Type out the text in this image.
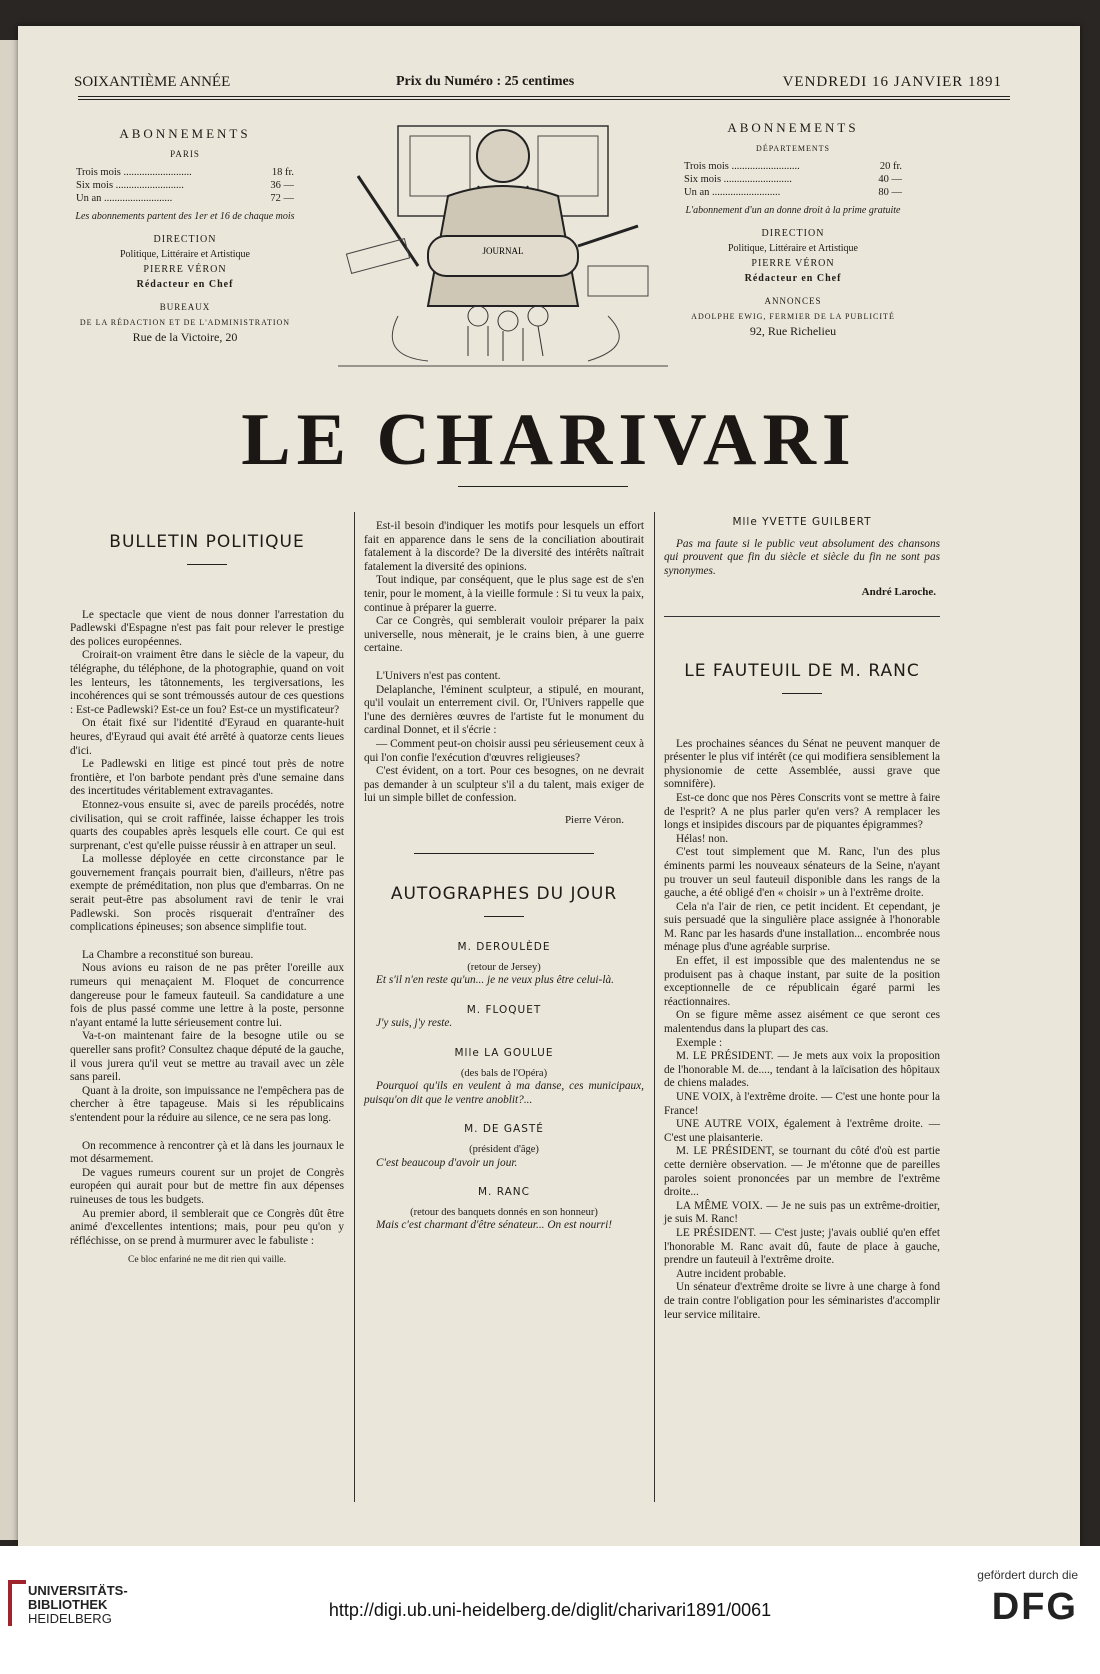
SOIXANTIÈME ANNÉE	Prix du Numéro : 25 centimes	VENDREDI 16 JANVIER 1891
ABONNEMENTS
PARIS
Trois mois ..........................	18 fr.
Six mois ..........................	36 —
Un an ..........................	72 —
Les abonnements partent des 1er et 16 de chaque mois
DIRECTION
Politique, Littéraire et Artistique
PIERRE VÉRON
Rédacteur en Chef
BUREAUX
DE LA RÉDACTION ET DE L'ADMINISTRATION
Rue de la Victoire, 20
JOURNAL
ABONNEMENTS
DÉPARTEMENTS
Trois mois ..........................	20 fr.
Six mois ..........................	40 —
Un an ..........................	80 —
L'abonnement d'un an donne droit à la prime gratuite
DIRECTION
Politique, Littéraire et Artistique
PIERRE VÉRON
Rédacteur en Chef
ANNONCES
ADOLPHE EWIG, FERMIER DE LA PUBLICITÉ
92, Rue Richelieu
LE CHARIVARI
BULLETIN POLITIQUE

Le spectacle que vient de nous donner l'arrestation du Padlewski d'Espagne n'est pas fait pour relever le prestige des polices européennes.

Croirait-on vraiment être dans le siècle de la vapeur, du télégraphe, du téléphone, de la photographie, quand on voit les lenteurs, les tâtonnements, les tergiversations, les incohérences qui se sont trémoussés autour de ces questions : Est-ce Padlewski? Est-ce un fou? Est-ce un mystificateur?

On était fixé sur l'identité d'Eyraud en quarante-huit heures, d'Eyraud qui avait été arrêté à quatorze cents lieues d'ici.

Le Padlewski en litige est pincé tout près de notre frontière, et l'on barbote pendant près d'une semaine dans des incertitudes véritablement extravagantes.

Etonnez-vous ensuite si, avec de pareils procédés, notre civilisation, qui se croit raffinée, laisse échapper les trois quarts des coupables après lesquels elle court. Ce qui est surprenant, c'est qu'elle puisse réussir à en attraper un seul.

La mollesse déployée en cette circonstance par le gouvernement français pourrait bien, d'ailleurs, n'être pas exempte de préméditation, non plus que d'embarras. On ne serait peut-être pas absolument ravi de tenir le vrai Padlewski. Son procès risquerait d'entraîner des complications épineuses; son absence simplifie tout.

La Chambre a reconstitué son bureau.

Nous avions eu raison de ne pas prêter l'oreille aux rumeurs qui menaçaient M. Floquet de concurrence dangereuse pour le fameux fauteuil. Sa candidature a une fois de plus passé comme une lettre à la poste, personne n'ayant entamé la lutte sérieusement contre lui.

Va-t-on maintenant faire de la besogne utile ou se quereller sans profit? Consultez chaque député de la gauche, il vous jurera qu'il veut se mettre au travail avec un zèle sans pareil.

Quant à la droite, son impuissance ne l'empêchera pas de chercher à être tapageuse. Mais si les républicains s'entendent pour la réduire au silence, ce ne sera pas long.

On recommence à rencontrer çà et là dans les journaux le mot désarmement.

De vagues rumeurs courent sur un projet de Congrès européen qui aurait pour but de mettre fin aux dépenses ruineuses de tous les budgets.

Au premier abord, il semblerait que ce Congrès dût être animé d'excellentes intentions; mais, pour peu qu'on y réfléchisse, on se prend à murmurer avec le fabuliste :

Ce bloc enfariné ne me dit rien qui vaille.

Est-il besoin d'indiquer les motifs pour lesquels un effort fait en apparence dans le sens de la conciliation aboutirait fatalement à la discorde? De la diversité des intérêts naîtrait fatalement la diversité des opinions.

Tout indique, par conséquent, que le plus sage est de s'en tenir, pour le moment, à la vieille formule : Si tu veux la paix, continue à préparer la guerre.

Car ce Congrès, qui semblerait vouloir préparer la paix universelle, nous mènerait, je le crains bien, à une guerre certaine.

L'Univers n'est pas content.

Delaplanche, l'éminent sculpteur, a stipulé, en mourant, qu'il voulait un enterrement civil. Or, l'Univers rappelle que l'une des dernières œuvres de l'artiste fut le monument du cardinal Donnet, et il s'écrie :

— Comment peut-on choisir aussi peu sérieusement ceux à qui l'on confie l'exécution d'œuvres religieuses?

C'est évident, on a tort. Pour ces besognes, on ne devrait pas demander à un sculpteur s'il a du talent, mais exiger de lui un simple billet de confession.

Pierre Véron.
AUTOGRAPHES DU JOUR
M. DEROULÈDE
(retour de Jersey)

Et s'il n'en reste qu'un... je ne veux plus être celui-là.

M. FLOQUET

J'y suis, j'y reste.

Mlle LA GOULUE
(des bals de l'Opéra)

Pourquoi qu'ils en veulent à ma danse, ces municipaux, puisqu'on dit que le ventre anoblit?...

M. DE GASTÉ
(président d'âge)

C'est beaucoup d'avoir un jour.

M. RANC
(retour des banquets donnés en son honneur)

Mais c'est charmant d'être sénateur... On est nourri!

Mlle YVETTE GUILBERT

Pas ma faute si le public veut absolument des chansons qui prouvent que fin du siècle et siècle du fin ne sont pas synonymes.

André Laroche.
LE FAUTEUIL DE M. RANC

Les prochaines séances du Sénat ne peuvent manquer de présenter le plus vif intérêt (ce qui modifiera sensiblement la physionomie de cette Assemblée, aussi grave que somnifère).

Est-ce donc que nos Pères Conscrits vont se mettre à faire de l'esprit? A ne plus parler qu'en vers? A remplacer les longs et insipides discours par de piquantes épigrammes?

Hélas! non.

C'est tout simplement que M. Ranc, l'un des plus éminents parmi les nouveaux sénateurs de la Seine, n'ayant pu trouver un seul fauteuil disponible dans les rangs de la gauche, a été obligé d'en « choisir » un à l'extrême droite.

Cela n'a l'air de rien, ce petit incident. Et cependant, je suis persuadé que la singulière place assignée à l'honorable M. Ranc par les hasards d'une installation... encombrée nous ménage plus d'une agréable surprise.

En effet, il est impossible que des malentendus ne se produisent pas à chaque instant, par suite de la position exceptionnelle de ce républicain égaré parmi les réactionnaires.

On se figure même assez aisément ce que seront ces malentendus dans la plupart des cas.

Exemple :

M. LE PRÉSIDENT. — Je mets aux voix la proposition de l'honorable M. de...., tendant à la laïcisation des hôpitaux de chiens malades.

UNE VOIX, à l'extrême droite. — C'est une honte pour la France!

UNE AUTRE VOIX, également à l'extrême droite. — C'est une plaisanterie.

M. LE PRÉSIDENT, se tournant du côté d'où est partie cette dernière observation. — Je m'étonne que de pareilles paroles soient prononcées par un membre de l'extrême droite...

LA MÊME VOIX. — Je ne suis pas un extrême-droitier, je suis M. Ranc!

LE PRÉSIDENT. — C'est juste; j'avais oublié qu'en effet l'honorable M. Ranc avait dû, faute de place à gauche, prendre un fauteuil à l'extrême droite.

Autre incident probable.

Un sénateur d'extrême droite se livre à une charge à fond de train contre l'obligation pour les séminaristes d'accomplir leur service militaire.

UNIVERSITÄTS-
BIBLIOTHEK
HEIDELBERG	http://digi.ub.uni-heidelberg.de/diglit/charivari1891/0061
gefördert durch die
DFG
